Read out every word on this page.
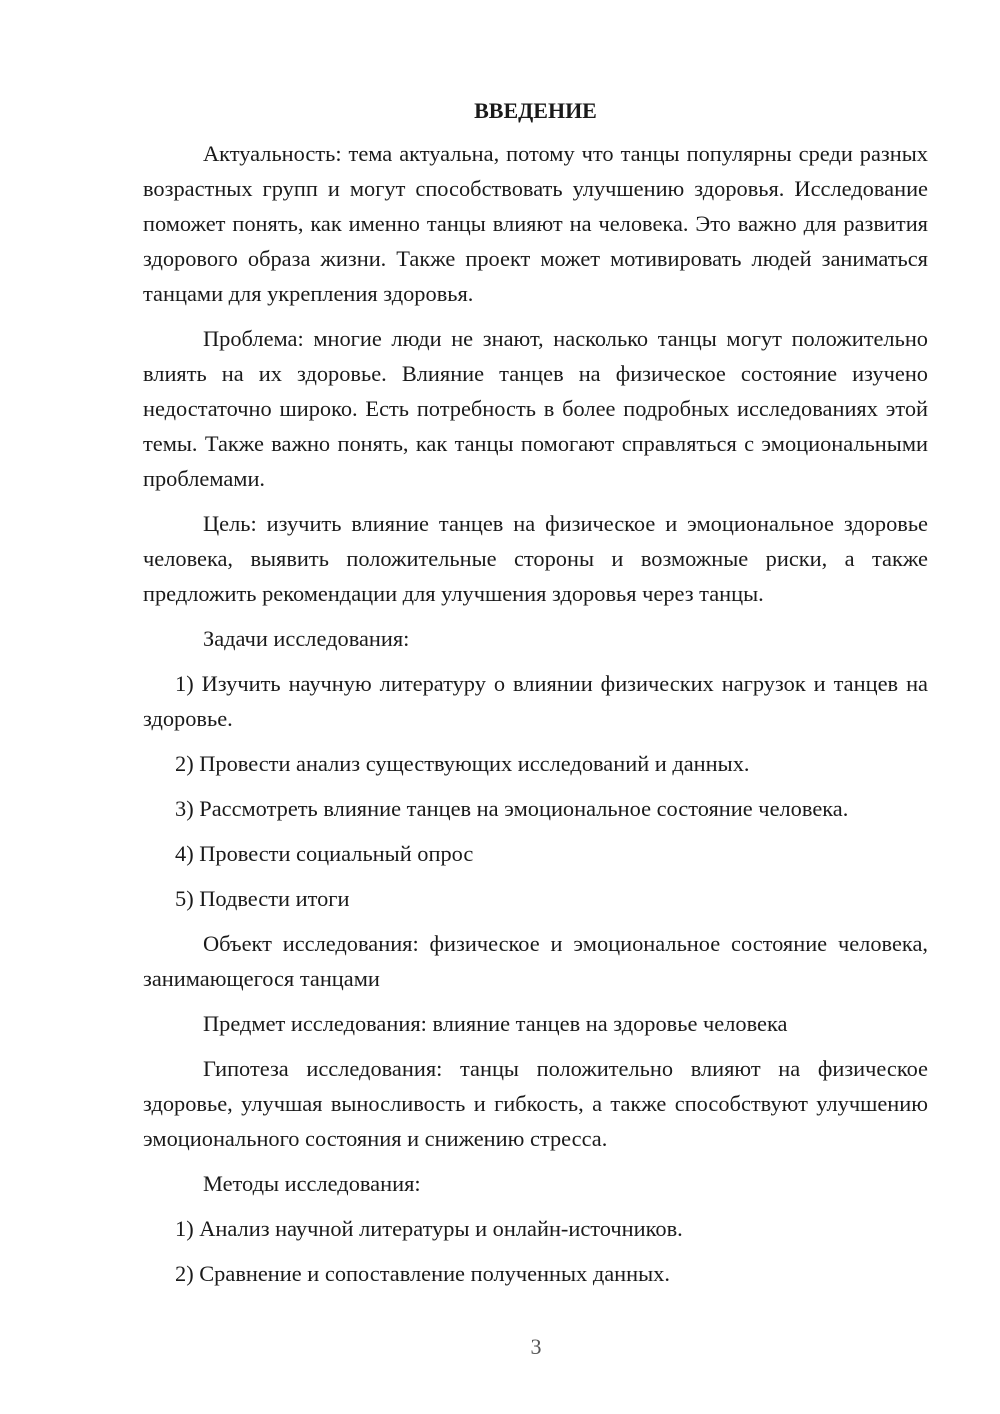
ВВЕДЕНИЕ

Актуальность: тема актуальна, потому что танцы популярны среди разных возрастных групп и могут способствовать улучшению здоровья. Исследование поможет понять, как именно танцы влияют на человека. Это важно для развития здорового образа жизни. Также проект может мотивировать людей заниматься танцами для укрепления здоровья.

Проблема: многие люди не знают, насколько танцы могут положительно влиять на их здоровье. Влияние танцев на физическое состояние изучено недостаточно широко. Есть потребность в более подробных исследованиях этой темы. Также важно понять, как танцы помогают справляться с эмоциональными проблемами.

Цель: изучить влияние танцев на физическое и эмоциональное здоровье человека, выявить положительные стороны и возможные риски, а также предложить рекомендации для улучшения здоровья через танцы.

Задачи исследования:

1) Изучить научную литературу о влиянии физических нагрузок и танцев на здоровье.

2) Провести анализ существующих исследований и данных.

3) Рассмотреть влияние танцев на эмоциональное состояние человека.

4) Провести социальный опрос

5) Подвести итоги

Объект исследования: физическое и эмоциональное состояние человека, занимающегося танцами

Предмет исследования: влияние танцев на здоровье человека

Гипотеза исследования: танцы положительно влияют на физическое здоровье, улучшая выносливость и гибкость, а также способствуют улучшению эмоционального состояния и снижению стресса.

Методы исследования:

1) Анализ научной литературы и онлайн-источников.

2) Сравнение и сопоставление полученных данных.

3
